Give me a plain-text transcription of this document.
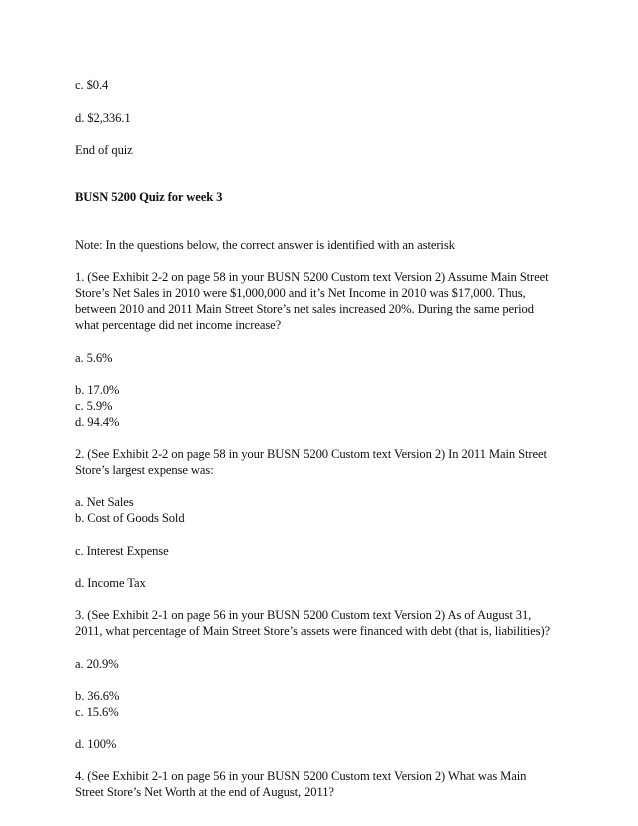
c. $0.4
d. $2,336.1
End of quiz
BUSN 5200 Quiz for week 3
Note: In the questions below, the correct answer is identified with an asterisk
1. (See Exhibit 2-2 on page 58 in your BUSN 5200 Custom text Version 2) Assume Main Street
Store’s Net Sales in 2010 were $1,000,000 and it’s Net Income in 2010 was $17,000. Thus,
between 2010 and 2011 Main Street Store’s net sales increased 20%. During the same period
what percentage did net income increase?
a. 5.6%
b. 17.0%
c. 5.9%
d. 94.4%
2. (See Exhibit 2-2 on page 58 in your BUSN 5200 Custom text Version 2) In 2011 Main Street
Store’s largest expense was:
a. Net Sales
b. Cost of Goods Sold
c. Interest Expense
d. Income Tax
3. (See Exhibit 2-1 on page 56 in your BUSN 5200 Custom text Version 2) As of August 31,
2011, what percentage of Main Street Store’s assets were financed with debt (that is, liabilities)?
a. 20.9%
b. 36.6%
c. 15.6%
d. 100%
4. (See Exhibit 2-1 on page 56 in your BUSN 5200 Custom text Version 2) What was Main
Street Store’s Net Worth at the end of August, 2011?
